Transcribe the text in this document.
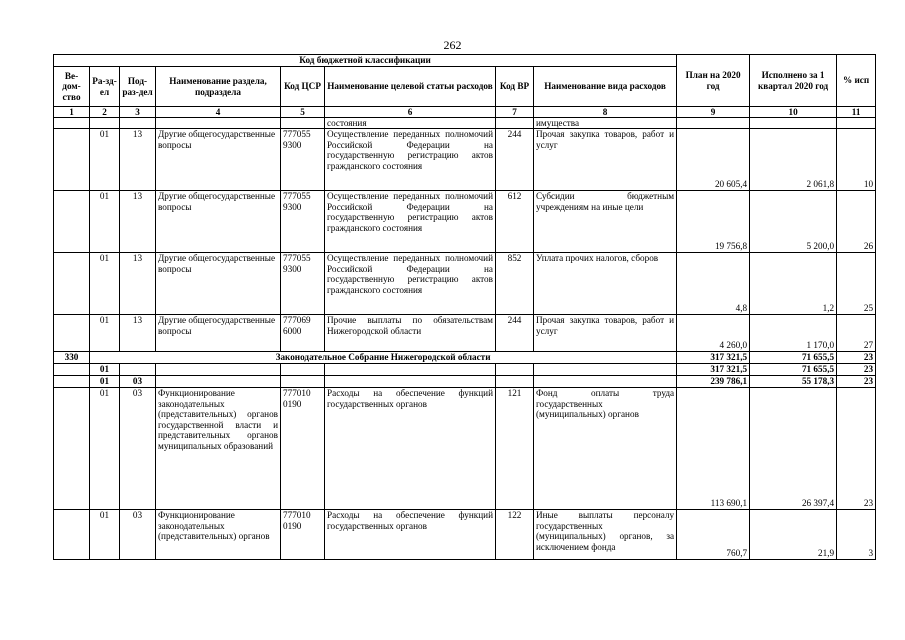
262
Код бюджетной классификации								План на 2020 год	Исполнено за 1 квартал 2020 год	% исп
Ве-дом-ство	Ра-зд-ел	Под-раз-дел	Наименование раздела, подраздела	Код ЦСР	Наименование целевой статьи расходов	Код ВР	Наименование вида расходов			
1	2	3	4	5	6	7	8	9	10	11
					состояния		имущества			
	01	13	Другие общегосударственные вопросы	777055 9300	Осуществление переданных полномочий Российской Федерации на государственную регистрацию актов гражданского состояния	244	Прочая закупка товаров, работ и услуг	20 605,4	2 061,8	10
	01	13	Другие общегосударственные вопросы	777055 9300	Осуществление переданных полномочий Российской Федерации на государственную регистрацию актов гражданского состояния	612	Субсидии бюджетным учреждениям на иные цели	19 756,8	5 200,0	26
	01	13	Другие общегосударственные вопросы	777055 9300	Осуществление переданных полномочий Российской Федерации на государственную регистрацию актов гражданского состояния	852	Уплата прочих налогов, сборов	4,8	1,2	25
	01	13	Другие общегосударственные вопросы	777069 6000	Прочие выплаты по обязательствам Нижегородской области	244	Прочая закупка товаров, работ и услуг	4 260,0	1 170,0	27
330	Законодательное Собрание Нижегородской области							317 321,5	71 655,5	23
	01							317 321,5	71 655,5	23
	01	03						239 786,1	55 178,3	23
	01	03	Функционирование законодательных (представительных) органов государственной власти и представительных органов муниципальных образований	777010 0190	Расходы на обеспечение функций государственных органов	121	Фонд оплаты труда государственных (муниципальных) органов	113 690,1	26 397,4	23
	01	03	Функционирование законодательных (представительных) органов	777010 0190	Расходы на обеспечение функций государственных органов	122	Иные выплаты персоналу государственных (муниципальных) органов, за исключением фонда	760,7	21,9	3
